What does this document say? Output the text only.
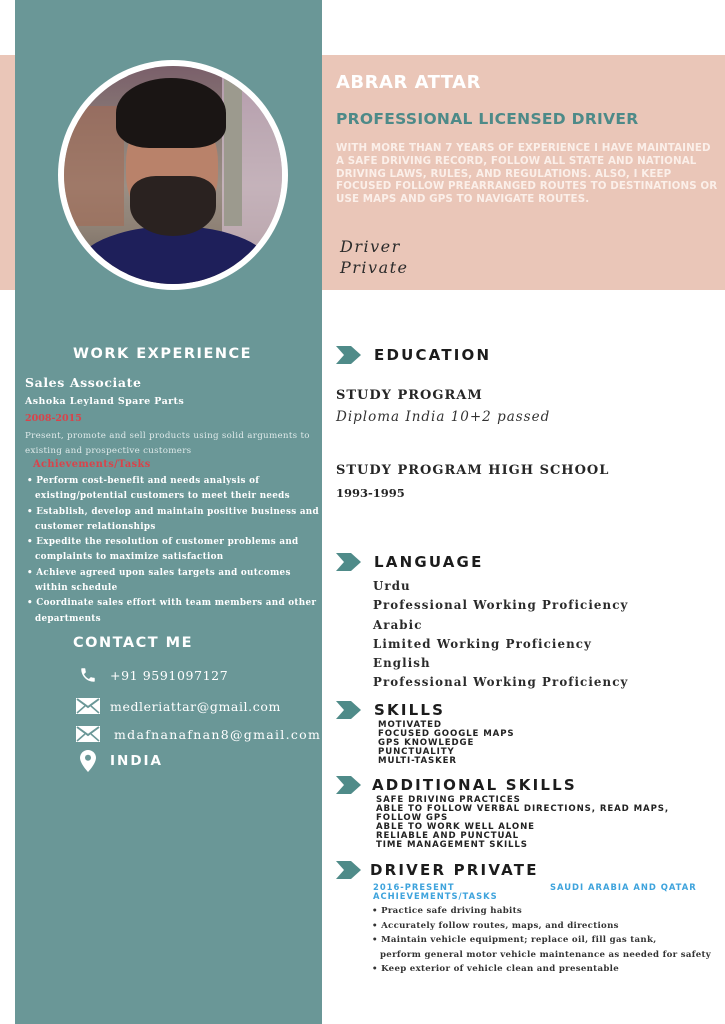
ABRAR ATTAR
PROFESSIONAL LICENSED DRIVER
WITH MORE THAN 7 YEARS OF EXPERIENCE I HAVE MAINTAINED A SAFE DRIVING RECORD, FOLLOW ALL STATE AND NATIONAL DRIVING LAWS, RULES, AND REGULATIONS. ALSO, I KEEP FOCUSED FOLLOW PREARRANGED ROUTES TO DESTINATIONS OR USE MAPS AND GPS TO NAVIGATE ROUTES.
Driver
Private
WORK EXPERIENCE
Sales Associate
Ashoka Leyland Spare Parts
2008-2015
Present, promote and sell products using solid arguments to existing and prospective customers
Achievements/Tasks
• Perform cost-benefit and needs analysis of existing/potential customers to meet their needs
• Establish, develop and maintain positive business and customer relationships
• Expedite the resolution of customer problems and complaints to maximize satisfaction
• Achieve agreed upon sales targets and outcomes within schedule
• Coordinate sales effort with team members and other departments
CONTACT ME
+91 9591097127
medleriattar@gmail.com
mdafnanafnan8@gmail.com
INDIA
EDUCATION
STUDY PROGRAM
Diploma India 10+2 passed
STUDY PROGRAM HIGH SCHOOL
1993-1995
LANGUAGE
Urdu
Professional Working Proficiency
Arabic
Limited Working Proficiency
English
Professional Working Proficiency
SKILLS
MOTIVATED
FOCUSED GOOGLE MAPS
GPS KNOWLEDGE
PUNCTUALITY
MULTI-TASKER
ADDITIONAL SKILLS
SAFE DRIVING PRACTICES
ABLE TO FOLLOW VERBAL DIRECTIONS, READ MAPS,
FOLLOW GPS
ABLE TO WORK WELL ALONE
RELIABLE AND PUNCTUAL
TIME MANAGEMENT SKILLS
DRIVER PRIVATE
2016-PRESENT	SAUDI ARABIA AND QATAR
ACHIEVEMENTS/TASKS
• Practice safe driving habits
• Accurately follow routes, maps, and directions
• Maintain vehicle equipment; replace oil, fill gas tank,
perform general motor vehicle maintenance as needed for safety
• Keep exterior of vehicle clean and presentable
